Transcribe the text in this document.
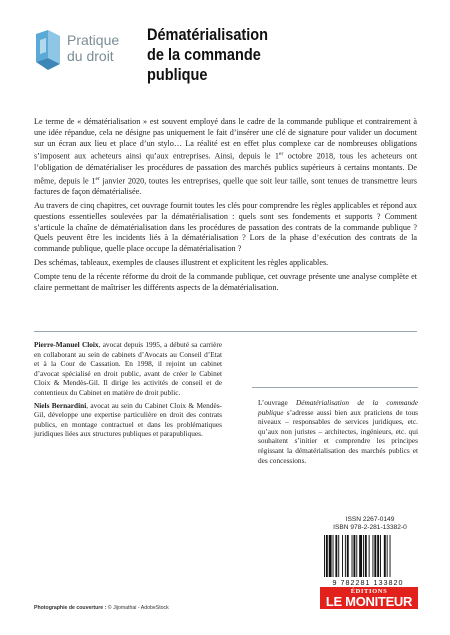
Pratique
du droit
Dématérialisation
de la commande
publique

Le terme de « dématérialisation » est souvent employé dans le cadre de la commande publique et contrairement à une idée répandue, cela ne désigne pas uniquement le fait d’insérer une clé de signature pour valider un document sur un écran aux lieu et place d’un stylo… La réalité est en effet plus complexe car de nombreuses obligations s’imposent aux acheteurs ainsi qu’aux entreprises. Ainsi, depuis le 1er octobre 2018, tous les acheteurs ont l’obligation de dématérialiser les procédures de passation des marchés publics supérieurs à certains montants. De même, depuis le 1er janvier 2020, toutes les entreprises, quelle que soit leur taille, sont tenues de transmettre leurs factures de façon dématérialisée.

Au travers de cinq chapitres, cet ouvrage fournit toutes les clés pour comprendre les règles applicables et répond aux questions essentielles soulevées par la dématérialisation : quels sont ses fondements et supports ? Comment s’articule la chaîne de dématérialisation dans les procédures de passation des contrats de la commande publique ? Quels peuvent être les incidents liés à la dématérialisation ? Lors de la phase d’exécution des contrats de la commande publique, quelle place occupe la dématérialisation ?

Des schémas, tableaux, exemples de clauses illustrent et explicitent les règles applicables.

Compte tenu de la récente réforme du droit de la commande publique, cet ouvrage présente une analyse complète et claire permettant de maîtriser les différents aspects de la dématérialisation.

Pierre-Manuel Cloix, avocat depuis 1995, a débuté sa carrière en collaborant au sein de cabinets d’Avocats au Conseil d’Etat et à la Cour de Cassation. En 1998, il rejoint un cabinet d’avocat spécialisé en droit public, avant de créer le Cabinet Cloix & Mendès-Gil. Il dirige les activités de conseil et de contentieux du Cabinet en matière de droit public.

Niels Bernardini, avocat au sein du Cabinet Cloix & Mendès-Gil, développe une expertise particulière en droit des contrats publics, en montage contractuel et dans les problématiques juridiques liées aux structures publiques et parapubliques.

L’ouvrage Dématérialisation de la commande publique s’adresse aussi bien aux praticiens de tous niveaux – responsables de services juridiques, etc. qu’aux non juristes – architectes, ingénieurs, etc. qui souhaitent s’initier et comprendre les principes régissant la dématérialisation des marchés publics et des concessions.
ISSN 2267-0149
ISBN 978-2-281-13382-0
9 782281 133820
ÉDITIONS
LE MONITEUR
Photographie de couverture : © Jijomathai - AdobeStock
